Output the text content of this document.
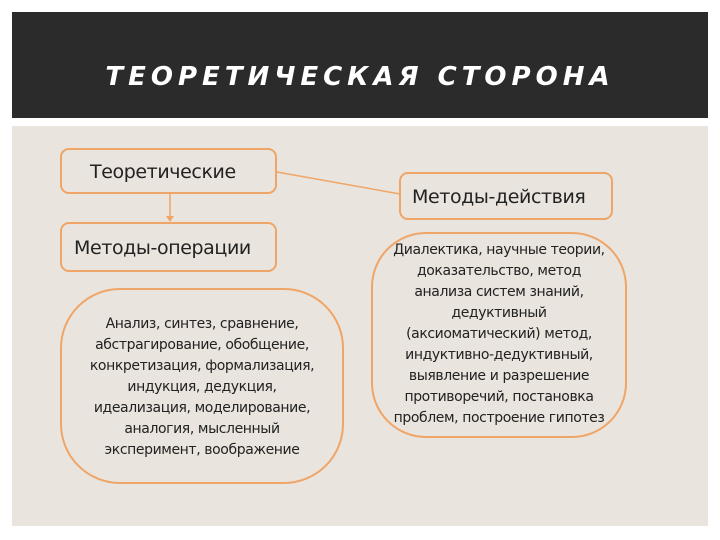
ТЕОРЕТИЧЕСКАЯ СТОРОНА
Теоретические
Методы-действия
Методы-операции	Диалектика, научные теории,
доказательство, метод
анализа систем знаний,
дедуктивный
(аксиоматический) метод,
индуктивно-дедуктивный,
выявление и разрешение
противоречий, постановка
проблем, построение гипотез
Анализ, синтез, сравнение,
абстрагирование, обобщение,
конкретизация, формализация,
индукция, дедукция,
идеализация, моделирование,
аналогия, мысленный
эксперимент, воображение
